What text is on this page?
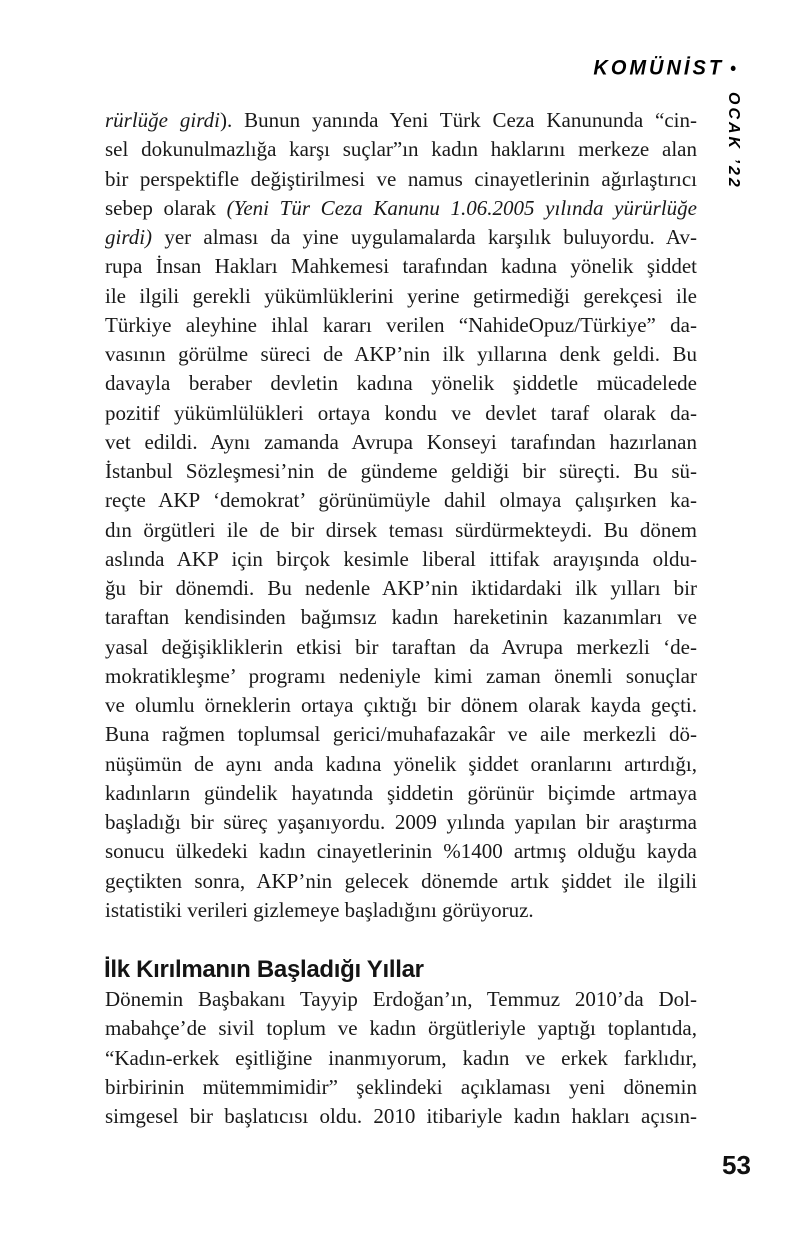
KOMÜNİST •
OCAK ’22
rürlüğe girdi). Bunun yanında Yeni Türk Ceza Kanununda “cin-
sel dokunulmazlığa karşı suçlar”ın kadın haklarını merkeze alan
bir perspektifle değiştirilmesi ve namus cinayetlerinin ağırlaştırıcı
sebep olarak (Yeni Tür Ceza Kanunu 1.06.2005 yılında yürürlüğe
girdi) yer alması da yine uygulamalarda karşılık buluyordu. Av-
rupa İnsan Hakları Mahkemesi tarafından kadına yönelik şiddet
ile ilgili gerekli yükümlüklerini yerine getirmediği gerekçesi ile
Türkiye aleyhine ihlal kararı verilen “NahideOpuz/Türkiye” da-
vasının görülme süreci de AKP’nin ilk yıllarına denk geldi. Bu
davayla beraber devletin kadına yönelik şiddetle mücadelede
pozitif yükümlülükleri ortaya kondu ve devlet taraf olarak da-
vet edildi. Aynı zamanda Avrupa Konseyi tarafından hazırlanan
İstanbul Sözleşmesi’nin de gündeme geldiği bir süreçti. Bu sü-
reçte AKP ‘demokrat’ görünümüyle dahil olmaya çalışırken ka-
dın örgütleri ile de bir dirsek teması sürdürmekteydi. Bu dönem
aslında AKP için birçok kesimle liberal ittifak arayışında oldu-
ğu bir dönemdi. Bu nedenle AKP’nin iktidardaki ilk yılları bir
taraftan kendisinden bağımsız kadın hareketinin kazanımları ve
yasal değişikliklerin etkisi bir taraftan da Avrupa merkezli ‘de-
mokratikleşme’ programı nedeniyle kimi zaman önemli sonuçlar
ve olumlu örneklerin ortaya çıktığı bir dönem olarak kayda geçti.
Buna rağmen toplumsal gerici/muhafazakâr ve aile merkezli dö-
nüşümün de aynı anda kadına yönelik şiddet oranlarını artırdığı,
kadınların gündelik hayatında şiddetin görünür biçimde artmaya
başladığı bir süreç yaşanıyordu. 2009 yılında yapılan bir araştırma
sonucu ülkedeki kadın cinayetlerinin %1400 artmış olduğu kayda
geçtikten sonra, AKP’nin gelecek dönemde artık şiddet ile ilgili
istatistiki verileri gizlemeye başladığını görüyoruz.
İlk Kırılmanın Başladığı Yıllar
Dönemin Başbakanı Tayyip Erdoğan’ın, Temmuz 2010’da Dol-
mabahçe’de sivil toplum ve kadın örgütleriyle yaptığı toplantıda,
“Kadın-erkek eşitliğine inanmıyorum, kadın ve erkek farklıdır,
birbirinin mütemmimidir” şeklindeki açıklaması yeni dönemin
simgesel bir başlatıcısı oldu. 2010 itibariyle kadın hakları açısın-
53
